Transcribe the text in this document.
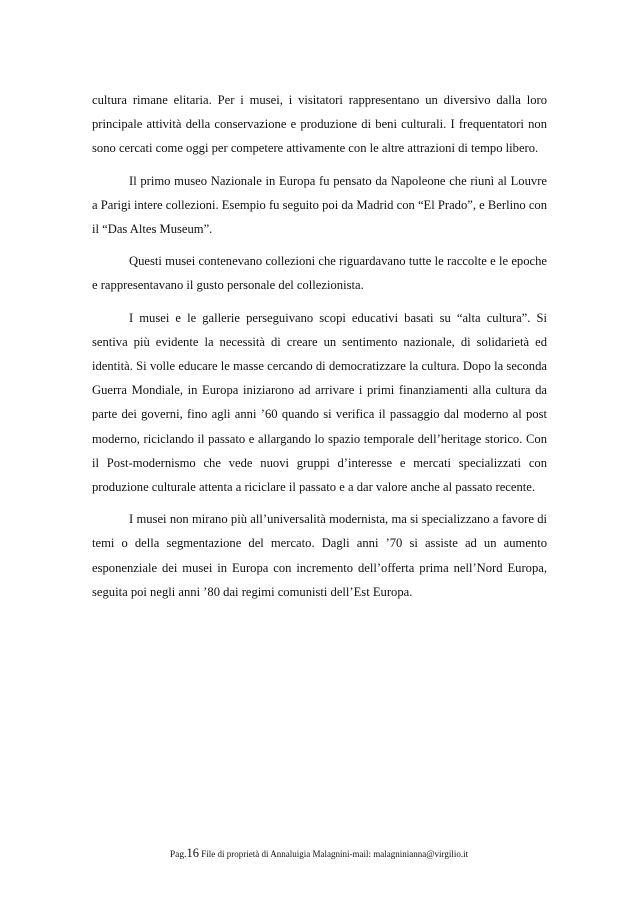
cultura rimane elitaria. Per i musei, i visitatori rappresentano un diversivo dalla loro principale attività della conservazione e produzione di beni culturali. I frequentatori non sono cercati come oggi per competere attivamente con le altre attrazioni di tempo libero.

Il primo museo Nazionale in Europa fu pensato da Napoleone che riunì al Louvre a Parigi intere collezioni. Esempio fu seguito poi da Madrid con “El Prado”, e Berlino con il “Das Altes Museum”.

Questi musei contenevano collezioni che riguardavano tutte le raccolte e le epoche e rappresentavano il gusto personale del collezionista.

I musei e le gallerie perseguivano scopi educativi basati su “alta cultura”. Si sentiva più evidente la necessità di creare un sentimento nazionale, di solidarietà ed identità. Si volle educare le masse cercando di democratizzare la cultura. Dopo la seconda Guerra Mondiale, in Europa iniziarono ad arrivare i primi finanziamenti alla cultura da parte dei governi, fino agli anni ’60 quando si verifica il passaggio dal moderno al post moderno, riciclando il passato e allargando lo spazio temporale dell’heritage storico. Con il Post-modernismo che vede nuovi gruppi d’interesse e mercati specializzati con produzione culturale attenta a riciclare il passato e a dar valore anche al passato recente.

I musei non mirano più all’universalità modernista, ma si specializzano a favore di temi o della segmentazione del mercato. Dagli anni ’70 si assiste ad un aumento esponenziale dei musei in Europa con incremento dell’offerta prima nell’Nord Europa, seguita poi negli anni ’80 dai regimi comunisti dell’Est Europa.

Pag.16 File di proprietà di Annaluigia Malagnini-mail: malagninianna@virgilio.it
